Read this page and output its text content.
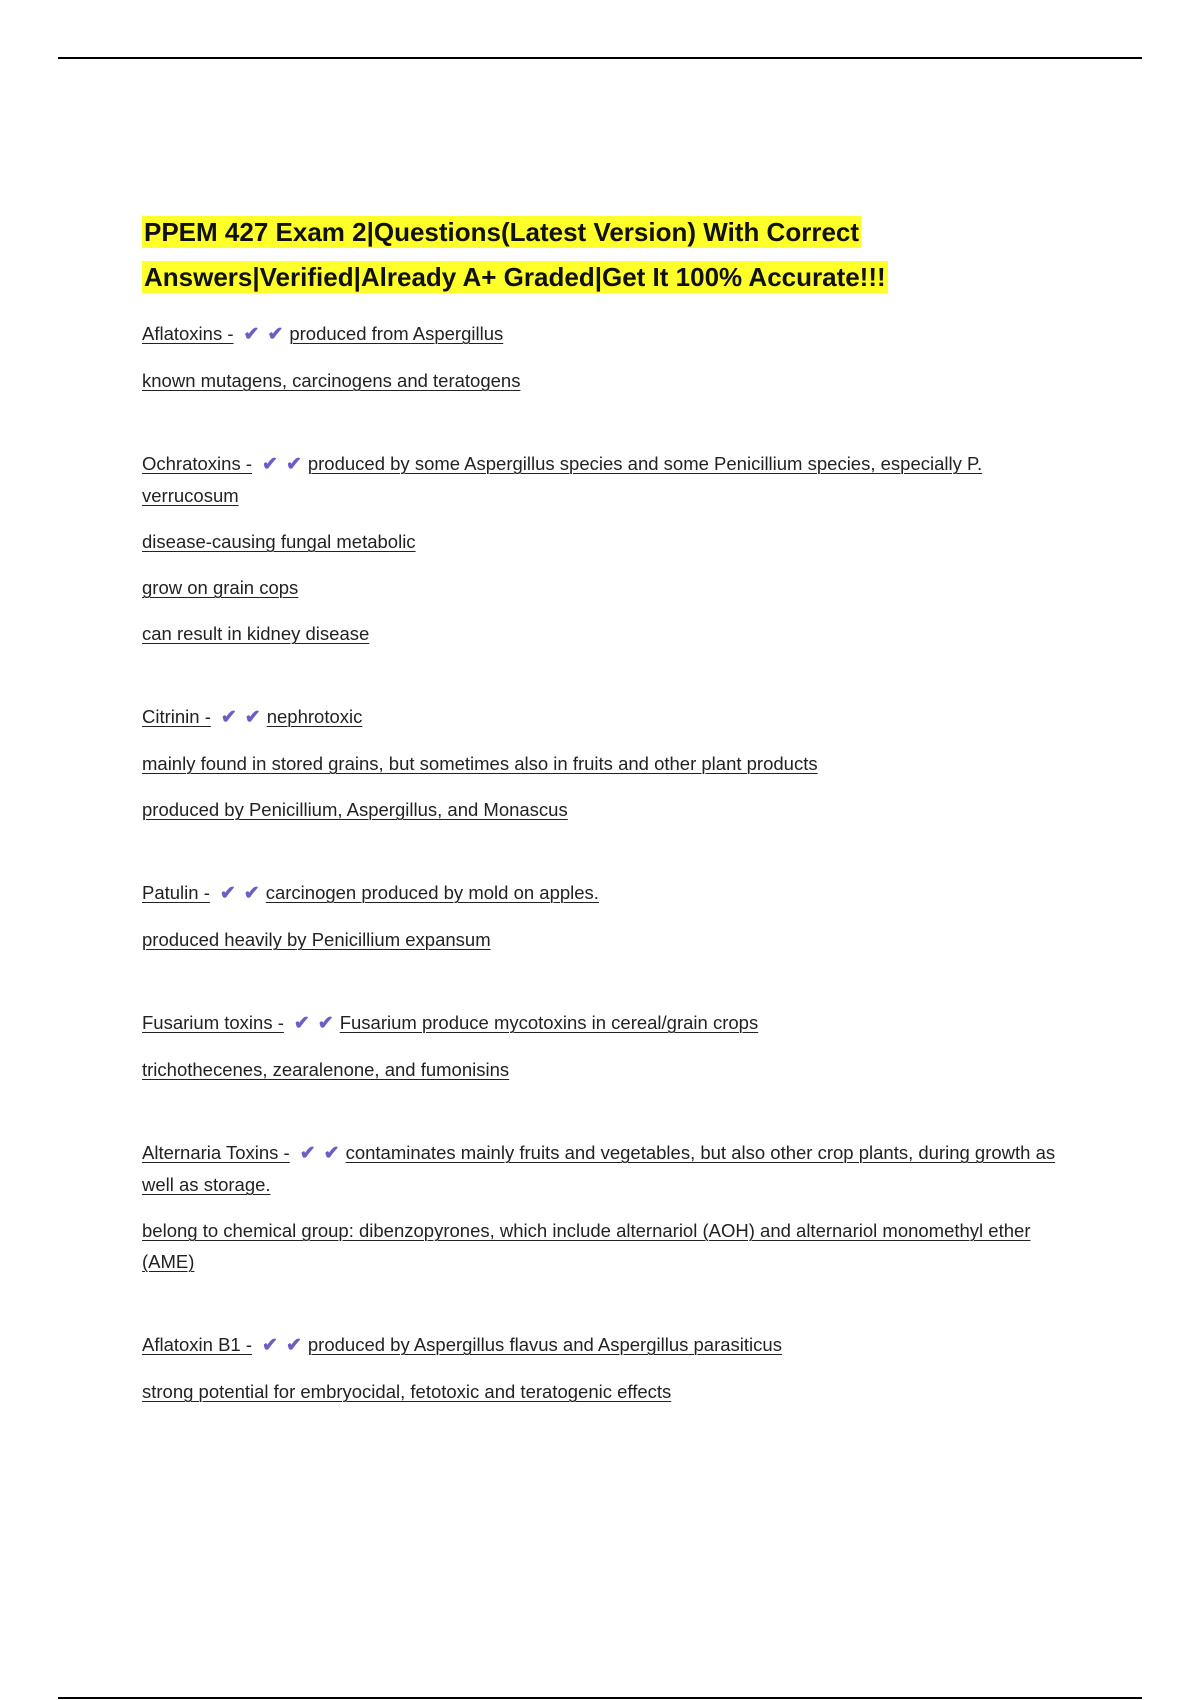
PPEM 427 Exam 2|Questions(Latest Version) With Correct
Answers|Verified|Already A+ Graded|Get It 100% Accurate!!!

Aflatoxins - ✔ ✔ produced from Aspergillus

known mutagens, carcinogens and teratogens

Ochratoxins - ✔ ✔ produced by some Aspergillus species and some Penicillium species, especially P. verrucosum

disease-causing fungal metabolic

grow on grain cops

can result in kidney disease

Citrinin - ✔ ✔ nephrotoxic

mainly found in stored grains, but sometimes also in fruits and other plant products

produced by Penicillium, Aspergillus, and Monascus

Patulin - ✔ ✔ carcinogen produced by mold on apples.

produced heavily by Penicillium expansum

Fusarium toxins - ✔ ✔ Fusarium produce mycotoxins in cereal/grain crops

trichothecenes, zearalenone, and fumonisins

Alternaria Toxins - ✔ ✔ contaminates mainly fruits and vegetables, but also other crop plants, during growth as well as storage.

belong to chemical group: dibenzopyrones, which include alternariol (AOH) and alternariol monomethyl ether (AME)

Aflatoxin B1 - ✔ ✔ produced by Aspergillus flavus and Aspergillus parasiticus

strong potential for embryocidal, fetotoxic and teratogenic effects
